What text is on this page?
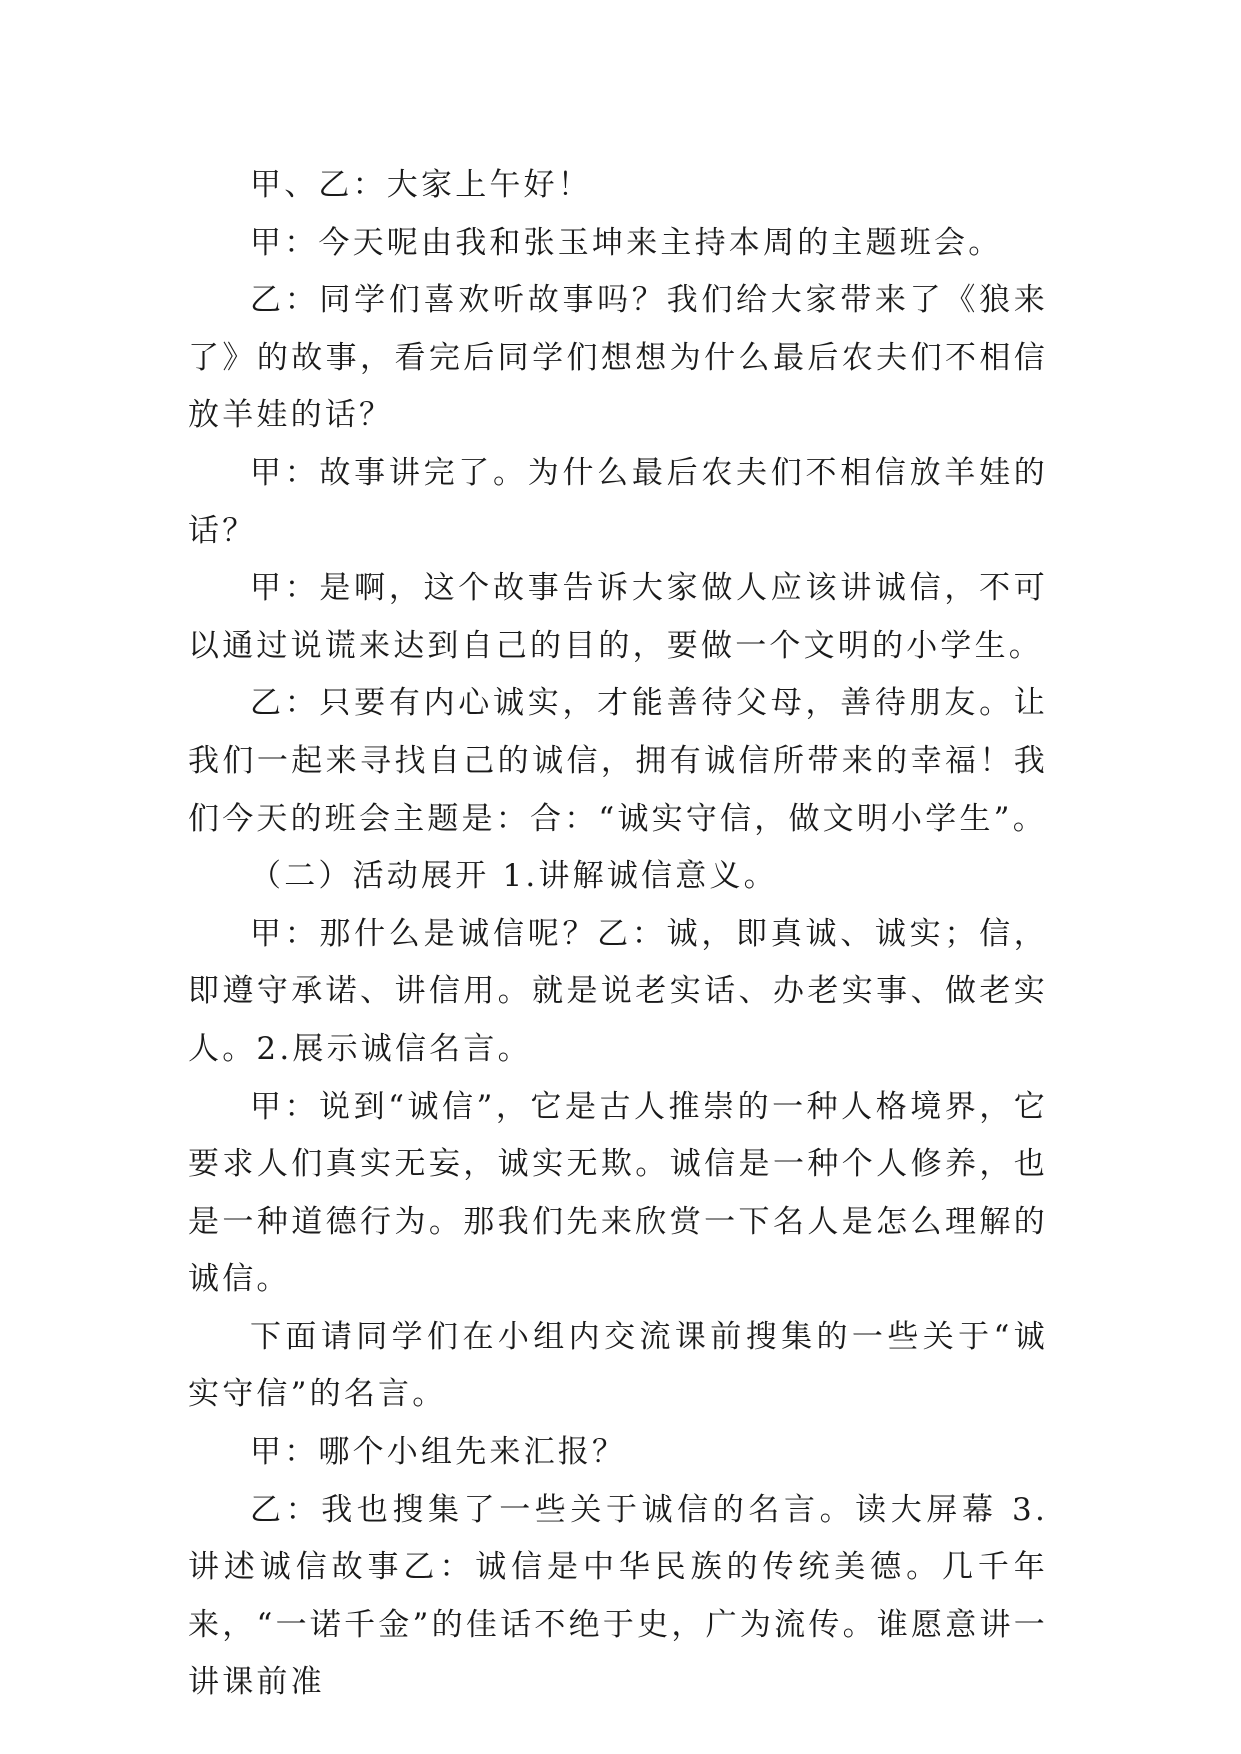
甲、乙：大家上午好！

甲：今天呢由我和张玉坤来主持本周的主题班会。

乙：同学们喜欢听故事吗？我们给大家带来了《狼来了》的故事，看完后同学们想想为什么最后农夫们不相信放羊娃的话？

甲：故事讲完了。为什么最后农夫们不相信放羊娃的话？

甲：是啊，这个故事告诉大家做人应该讲诚信，不可以通过说谎来达到自己的目的，要做一个文明的小学生。

乙：只要有内心诚实，才能善待父母，善待朋友。让我们一起来寻找自己的诚信，拥有诚信所带来的幸福！我们今天的班会主题是：合：“诚实守信，做文明小学生”。

（二）活动展开 1.讲解诚信意义。

甲：那什么是诚信呢？乙：诚，即真诚、诚实；信，即遵守承诺、讲信用。就是说老实话、办老实事、做老实人。2.展示诚信名言。

甲：说到“诚信”，它是古人推崇的一种人格境界，它要求人们真实无妄，诚实无欺。诚信是一种个人修养，也是一种道德行为。那我们先来欣赏一下名人是怎么理解的诚信。

下面请同学们在小组内交流课前搜集的一些关于“诚实守信”的名言。

甲：哪个小组先来汇报？

乙：我也搜集了一些关于诚信的名言。读大屏幕 3.讲述诚信故事乙：诚信是中华民族的传统美德。几千年来，“一诺千金”的佳话不绝于史，广为流传。谁愿意讲一讲课前准
